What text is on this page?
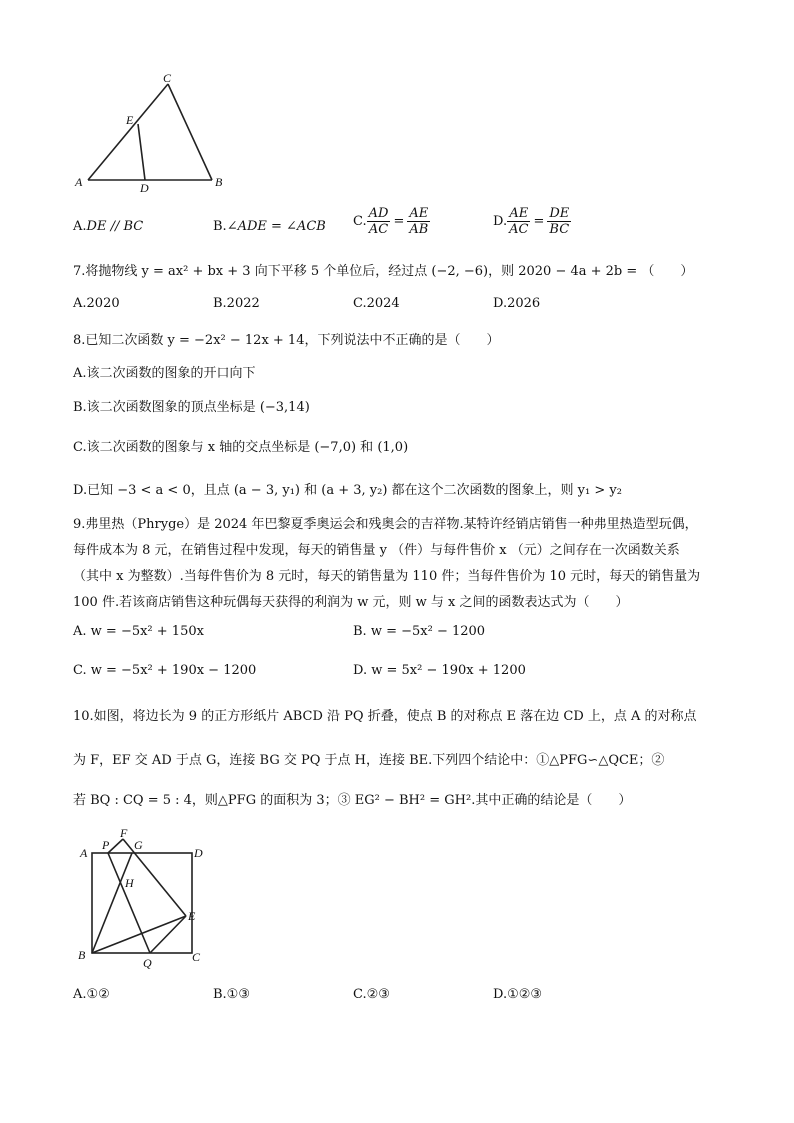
C
E
A	D	B
A.DE // BC	B.∠ADE = ∠ACB C. $\frac{AD}{AC} = \frac{AE}{AB}$	D. $\frac{AE}{AC} = \frac{DE}{BC}$
7.将抛物线 y = ax² + bx + 3 向下平移 5 个单位后，经过点 (−2, −6)，则 2020 − 4a + 2b = （　　）
A.2020	B.2022	C.2024	D.2026
8.已知二次函数 y = −2x² − 12x + 14，下列说法中不正确的是（　　）
A.该二次函数的图象的开口向下
B.该二次函数图象的顶点坐标是 (−3,14)
C.该二次函数的图象与 x 轴的交点坐标是 (−7,0) 和 (1,0)
D.已知 −3 < a < 0，且点 (a − 3, y₁) 和 (a + 3, y₂) 都在这个二次函数的图象上，则 y₁ > y₂
9.弗里热（Phryge）是 2024 年巴黎夏季奥运会和残奥会的吉祥物.某特许经销店销售一种弗里热造型玩偶，
每件成本为 8 元，在销售过程中发现，每天的销售量 y （件）与每件售价 x （元）之间存在一次函数关系
（其中 x 为整数）.当每件售价为 8 元时，每天的销售量为 110 件；当每件售价为 10 元时，每天的销售量为
100 件.若该商店销售这种玩偶每天获得的利润为 w 元，则 w 与 x 之间的函数表达式为（　　）
A. w = −5x² + 150x	B. w = −5x² − 1200
C. w = −5x² + 190x − 1200	D. w = 5x² − 190x + 1200
10.如图，将边长为 9 的正方形纸片 ABCD 沿 PQ 折叠，使点 B 的对称点 E 落在边 CD 上，点 A 的对称点
为 F，EF 交 AD 于点 G，连接 BG 交 PQ 于点 H，连接 BE.下列四个结论中：①△PFG∽△QCE；②
若 BQ : CQ = 5 : 4，则△PFG 的面积为 3；③ EG² − BH² = GH².其中正确的结论是（　　）
A
P
F
G
D
H
E
B
Q	C
A.①②	B.①③	C.②③	D.①②③
